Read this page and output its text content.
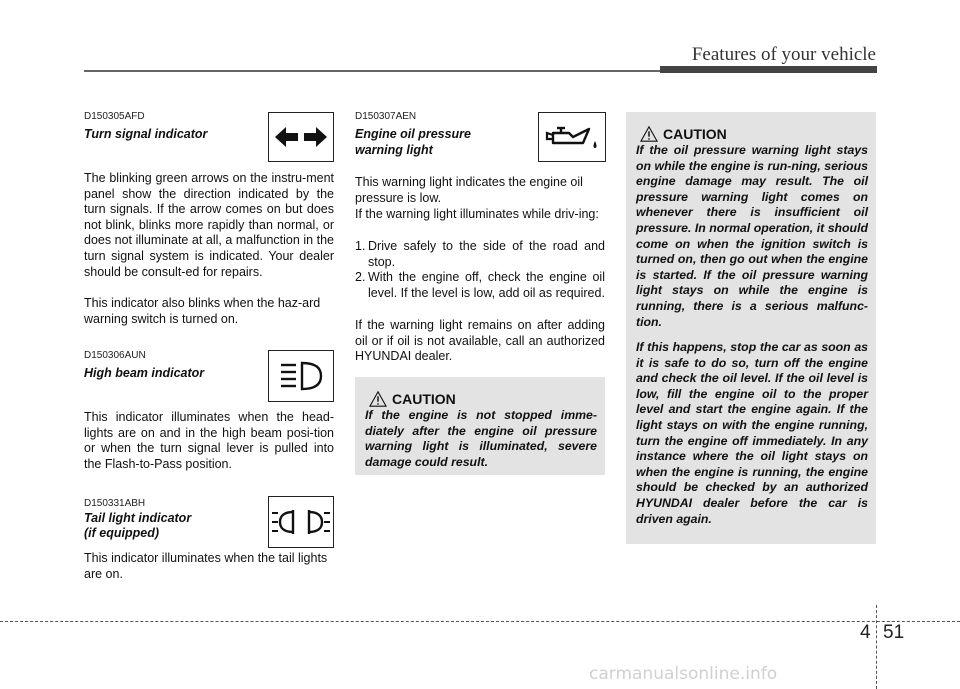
Features of your vehicle
D150305AFD
Turn signal indicator

The blinking green arrows on the instru-ment panel show the direction indicated by the turn signals. If the arrow comes on but does not blink, blinks more rapidly than normal, or does not illuminate at all, a malfunction in the turn signal system is indicated. Your dealer should be consult-ed for repairs.

This indicator also blinks when the haz-ard warning switch is turned on.

D150306AUN
High beam indicator

This indicator illuminates when the head-lights are on and in the high beam posi-tion or when the turn signal lever is pulled into the Flash-to-Pass position.

D150331ABH
Tail light indicator
(if equipped)

This indicator illuminates when the tail lights are on.

D150307AEN
Engine oil pressure
warning light

This warning light indicates the engine oil pressure is low.

If the warning light illuminates while driv-ing:

1. Drive safely to the side of the road and stop.
2. With the engine off, check the engine oil level. If the level is low, add oil as required.

If the warning light remains on after adding oil or if oil is not available, call an authorized HYUNDAI dealer.

CAUTION

If the engine is not stopped imme-diately after the engine oil pressure warning light is illuminated, severe damage could result.

CAUTION

If the oil pressure warning light stays on while the engine is run-ning, serious engine damage may result. The oil pressure warning light comes on whenever there is insufficient oil pressure. In normal operation, it should come on when the ignition switch is turned on, then go out when the engine is started. If the oil pressure warning light stays on while the engine is running, there is a serious malfunc-tion.

If this happens, stop the car as soon as it is safe to do so, turn off the engine and check the oil level. If the oil level is low, fill the engine oil to the proper level and start the engine again. If the light stays on with the engine running, turn the engine off immediately. In any instance where the oil light stays on when the engine is running, the engine should be checked by an authorized HYUNDAI dealer before the car is driven again.

4 51
carmanualsonline.info
